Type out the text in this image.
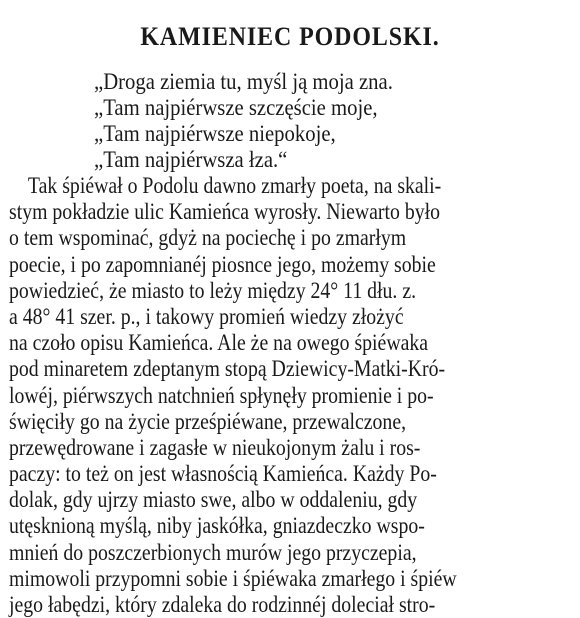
KAMIENIEC PODOLSKI.
„Droga ziemia tu, myśl ją moja zna.
„Tam najpiérwsze szczęście moje,
„Tam najpiérwsze niepokoje,
„Tam najpiérwsza łza.“
Tak śpiéwał o Podolu dawno zmarły poeta, na skali-
stym pokładzie ulic Kamieńca wyrosły. Niewarto było
o tem wspominać, gdyż na pociechę i po zmarłym
poecie, i po zapomnianéj piosnce jego, możemy sobie
powiedzieć, że miasto to leży między 24° 11 dłu. z.
a 48° 41 szer. p., i takowy promień wiedzy złożyć
na czoło opisu Kamieńca. Ale że na owego śpiéwaka
pod minaretem zdeptanym stopą Dziewicy-Matki-Kró-
lowéj, piérwszych natchnień spłynęły promienie i po-
święciły go na życie prześpiéwane, przewalczone,
przewędrowane i zagasłe w nieukojonym żalu i ros-
paczy: to też on jest własnością Kamieńca. Każdy Po-
dolak, gdy ujrzy miasto swe, albo w oddaleniu, gdy
utęsknioną myślą, niby jaskółka, gniazdeczko wspo-
mnień do poszczerbionych murów jego przyczepia,
mimowoli przypomni sobie i śpiéwaka zmarłego i śpiéw
jego łabędzi, który zdaleka do rodzinnéj doleciał stro-
